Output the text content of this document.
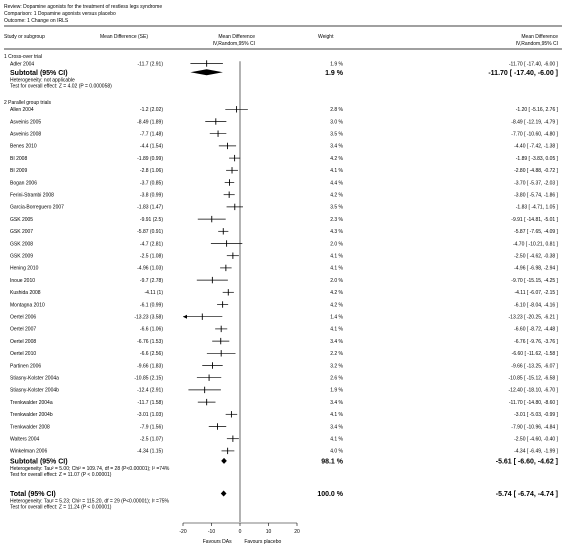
Review: Dopamine agonists for the treatment of restless legs syndrome
Comparison: 1 Dopamine agonists versus placebo
Outcome: 1 Change on IRLS
Study or subgroup	Mean Difference (SE)	Mean Difference
IV,Random,95% CI
Weight	Mean Difference
IV,Random,95% CI
1 Cross-over trial
Adler 2004	-11.7 (2.91)	1.9 %	-11.70 [ -17.40, -6.00 ]
Subtotal (95% CI)	1.9 %	-11.70 [ -17.40, -6.00 ]
Heterogeneity: not applicable
Test for overall effect: Z = 4.02 (P = 0.000058)
2 Parallel group trials
Allen 2004	-1.2 (2.02)	2.8 %	-1.20 [ -5.16, 2.76 ]
Asveinis 2005	-8.49 (1.89)	3.0 %	-8.49 [ -12.19, -4.79 ]
Asveinis 2008	-7.7 (1.48)	3.5 %	-7.70 [ -10.60, -4.80 ]
Benes 2010	-4.4 (1.54)	3.4 %	-4.40 [ -7.42, -1.38 ]
BI 2008	-1.89 (0.99)	4.2 %	-1.89 [ -3.83, 0.05 ]
BI 2009	-2.8 (1.06)	4.1 %	-2.80 [ -4.88, -0.72 ]
Bogan 2006	-3.7 (0.85)	4.4 %	-3.70 [ -5.37, -2.03 ]
Ferini-Strambi 2008	-3.8 (0.99)	4.2 %	-3.80 [ -5.74, -1.86 ]
Garcia-Borreguero 2007	-1.83 (1.47)	3.5 %	-1.83 [ -4.71, 1.05 ]
GSK 2005	-9.91 (2.5)	2.3 %	-9.91 [ -14.81, -5.01 ]
GSK 2007	-5.87 (0.91)	4.3 %	-5.87 [ -7.65, -4.09 ]
GSK 2008	-4.7 (2.81)	2.0 %	-4.70 [ -10.21, 0.81 ]
GSK 2009	-2.5 (1.08)	4.1 %	-2.50 [ -4.62, -0.38 ]
Hening 2010	-4.96 (1.03)	4.1 %	-4.96 [ -6.98, -2.94 ]
Inoue 2010	-9.7 (2.78)	2.0 %	-9.70 [ -15.15, -4.25 ]
Kushida 2008	-4.11 (1)	4.2 %	-4.11 [ -6.07, -2.15 ]
Montagna 2010	-6.1 (0.99)	4.2 %	-6.10 [ -8.04, -4.16 ]
Oertel 2006	-13.23 (3.58)	1.4 %	-13.23 [ -20.25, -6.21 ]
Oertel 2007	-6.6 (1.06)	4.1 %	-6.60 [ -8.72, -4.48 ]
Oertel 2008	-6.76 (1.53)	3.4 %	-6.76 [ -9.76, -3.76 ]
Oertel 2010	-6.6 (2.56)	2.2 %	-6.60 [ -11.62, -1.58 ]
Partinen 2006	-9.66 (1.83)	3.2 %	-9.66 [ -13.25, -6.07 ]
Stiasny-Kolster 2004a	-10.85 (2.15)	2.6 %	-10.85 [ -15.12, -6.58 ]
Stiasny-Kolster 2004b	-12.4 (2.91)	1.9 %	-12.40 [ -18.10, -6.70 ]
Trenkwalder 2004a	-11.7 (1.58)	3.4 %	-11.70 [ -14.80, -8.60 ]
Trenkwalder 2004b	-3.01 (1.03)	4.1 %	-3.01 [ -5.03, -0.99 ]
Trenkwalder 2008	-7.9 (1.56)	3.4 %	-7.90 [ -10.96, -4.84 ]
Walters 2004	-2.5 (1.07)	4.1 %	-2.50 [ -4.60, -0.40 ]
Winkelman 2006	-4.34 (1.15)	4.0 %	-4.34 [ -6.49, -1.99 ]
Subtotal (95% CI)	98.1 %	-5.61 [ -6.60, -4.62 ]
Heterogeneity: Tau² = 5.00; Chi² = 109.74, df = 28 (P<0.00001); I² =74%
Test for overall effect: Z = 11.07 (P < 0.00001)
Total (95% CI)	100.0 %	-5.74 [ -6.74, -4.74 ]
Heterogeneity: Tau² = 5.23; Chi² = 115.20, df = 29 (P<0.00001); I² =75%
Test for overall effect: Z = 11.24 (P < 0.00001)
-20	-10	0	10	20
Favours DAs	Favours placebo
